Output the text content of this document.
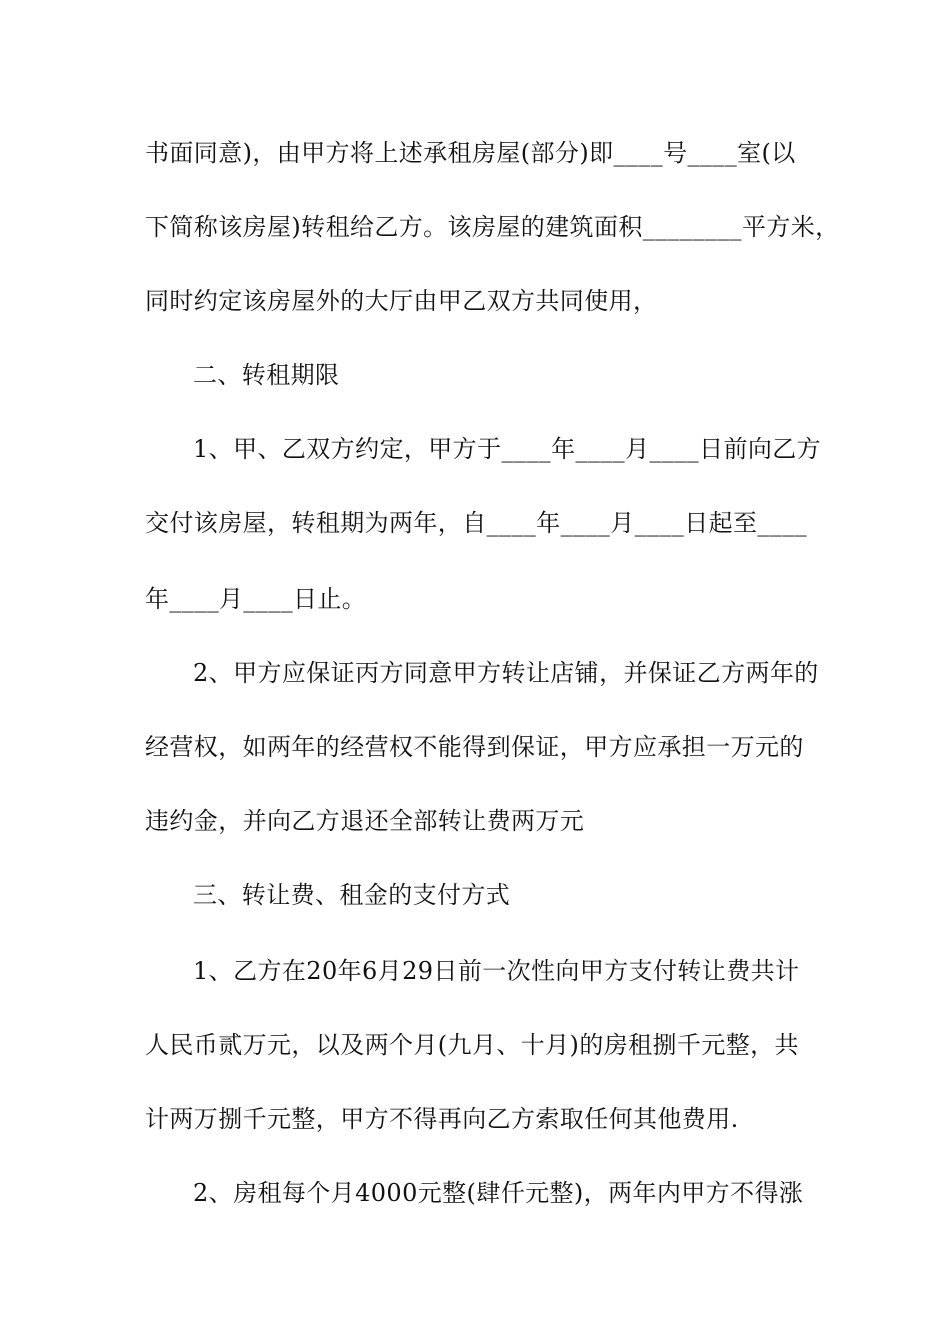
书面同意)，由甲方将上述承租房屋(部分)即____号____室(以
下简称该房屋)转租给乙方。该房屋的建筑面积________平方米，
同时约定该房屋外的大厅由甲乙双方共同使用，
二、转租期限
1、甲、乙双方约定，甲方于____年____月____日前向乙方
交付该房屋，转租期为两年，自____年____月____日起至____
年____月____日止。
2、甲方应保证丙方同意甲方转让店铺，并保证乙方两年的
经营权，如两年的经营权不能得到保证，甲方应承担一万元的
违约金，并向乙方退还全部转让费两万元
三、转让费、租金的支付方式
1、乙方在20年6月29日前一次性向甲方支付转让费共计
人民币贰万元，以及两个月(九月、十月)的房租捌千元整，共
计两万捌千元整，甲方不得再向乙方索取任何其他费用.
2、房租每个月4000元整(肆仟元整)，两年内甲方不得涨
